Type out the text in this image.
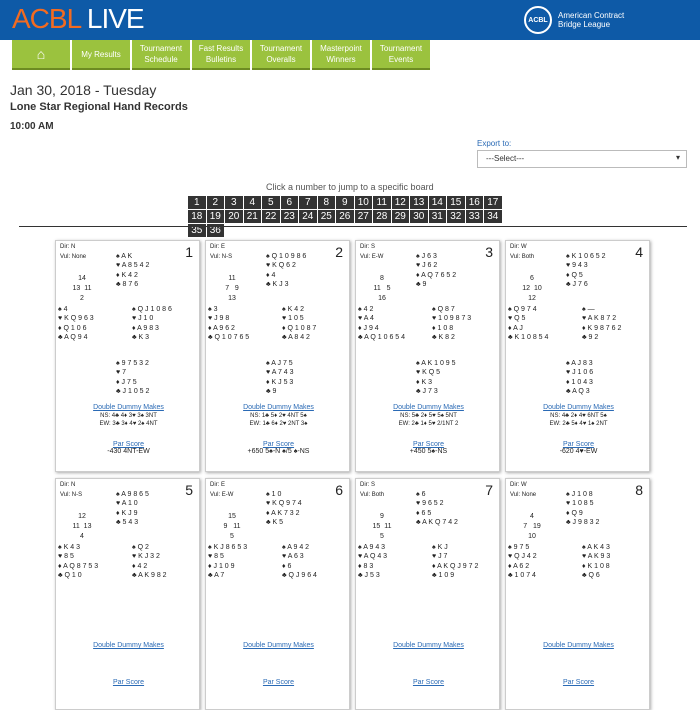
ACBL LIVE	ACBL	American Contract Bridge League
⌂	My Results
Tournament Schedule
Fast Results Bulletins
Tournament Overalls
Masterpoint Winners
Tournament Events
Jan 30, 2018 - Tuesday
Lone Star Regional Hand Records
10:00 AM
Export to:
---Select--- ▾
Click a number to jump to a specific board
1	2	3	4	5	6	7	8	9	10 11 12 13 14 15 16 17
18 19 20 21 22 23 24 25 26 27 28 29 30 31 32 33 34
35 36
1
Dir: N
Vul: None
14
13  11
2
♠ A K
♥ A 8 5 4 2
♦ K 4 2
♣ 8 7 6
♠ 4
♥ K Q 9 6 3
♦ Q 1 0 6
♣ A Q 9 4
♠ Q J 1 0 8 6
♥ J 1 0
♦ A 9 8 3
♣ K 3
♠ 9 7 5 3 2
♥ 7
♦ J 7 5
♣ J 1 0 5 2
Double Dummy Makes
NS: 4♣ 4♦ 3♥ 3♠ 3NT
EW: 3♣ 3♦ 4♥ 2♠ 4NT
Par Score
-430 4NT-EW
2
Dir: E
Vul: N-S
11
7   9
13
♠ Q 1 0 9 8 6
♥ K Q 6 2
♦ 4
♣ K J 3
♠ 3
♥ J 9 8
♦ A 9 6 2
♣ Q 1 0 7 6 5
♠ K 4 2
♥ 1 0 5
♦ Q 1 0 8 7
♣ A 8 4 2
♠ A J 7 5
♥ A 7 4 3
♦ K J 5 3
♣ 9
Double Dummy Makes
NS: 1♣ 5♦ 2♥ 4NT 5♠
EW: 1♣ 6♦ 2♥ 2NT 3♠
Par Score
+650 5♠-N ♠/5 ♠-NS
3
Dir: S
Vul: E-W
8
11   5
16
♠ J 6 3
♥ J 6 2
♦ A Q 7 6 5 2
♣ 9
♠ 4 2
♥ A 4
♦ J 9 4
♣ A Q 1 0 6 5 4
♠ Q 8 7
♥ 1 0 9 8 7 3
♦ 1 0 8
♣ K 8 2
♠ A K 1 0 9 5
♥ K Q 5
♦ K 3
♣ J 7 3
Double Dummy Makes
NS: 5♣ 2♦ 5♥ 5♠ 5NT
EW: 2♣ 1♦ 5♥ 2/1NT 2
Par Score
+450 5♠-NS
4
Dir: W
Vul: Both
6
12  10
12
♠ K 1 0 6 5 2
♥ 9 4 3
♦ Q 5
♣ J 7 6
♠ Q 9 7 4
♥ Q 5
♦ A J
♣ K 1 0 8 5 4
♠ —
♥ A K 8 7 2
♦ K 9 8 7 6 2
♣ 9 2
♠ A J 8 3
♥ J 1 0 6
♦ 1 0 4 3
♣ A Q 3
Double Dummy Makes
NS: 4♣ 2♦ 4♥ 6NT 5♠
EW: 2♣ 5♦ 4♥ 1♠ 2NT
Par Score
-620 4♥-EW
5
Dir: N
Vul: N-S
12
11  13
4
♠ A 9 8 6 5
♥ A 1 0
♦ K J 9
♣ 5 4 3
♠ K 4 3
♥ 8 5
♦ A Q 8 7 5 3
♣ Q 1 0
♠ Q 2
♥ K J 3 2
♦ 4 2
♣ A K 9 8 2
Double Dummy Makes
Par Score
6
Dir: E
Vul: E-W
15
9   11
5
♠ 1 0
♥ K Q 9 7 4
♦ A K 7 3 2
♣ K 5
♠ K J 8 6 5 3
♥ 8 5
♦ J 1 0 9
♣ A 7
♠ A 9 4 2
♥ A 6 3
♦ 6
♣ Q J 9 6 4
Double Dummy Makes
Par Score
7
Dir: S
Vul: Both
9
15  11
5
♠ 6
♥ 9 6 5 2
♦ 6 5
♣ A K Q 7 4 2
♠ A 9 4 3
♥ A Q 4 3
♦ 8 3
♣ J 5 3
♠ K J
♥ J 7
♦ A K Q J 9 7 2
♣ 1 0 9
Double Dummy Makes
Par Score
8
Dir: W
Vul: None
4
7   19
10
♠ J 1 0 8
♥ 1 0 8 5
♦ Q 9
♣ J 9 8 3 2
♠ 9 7 5
♥ Q J 4 2
♦ A 6 2
♣ 1 0 7 4
♠ A K 4 3
♥ A K 9 3
♦ K 1 0 8
♣ Q 6
Double Dummy Makes
Par Score
